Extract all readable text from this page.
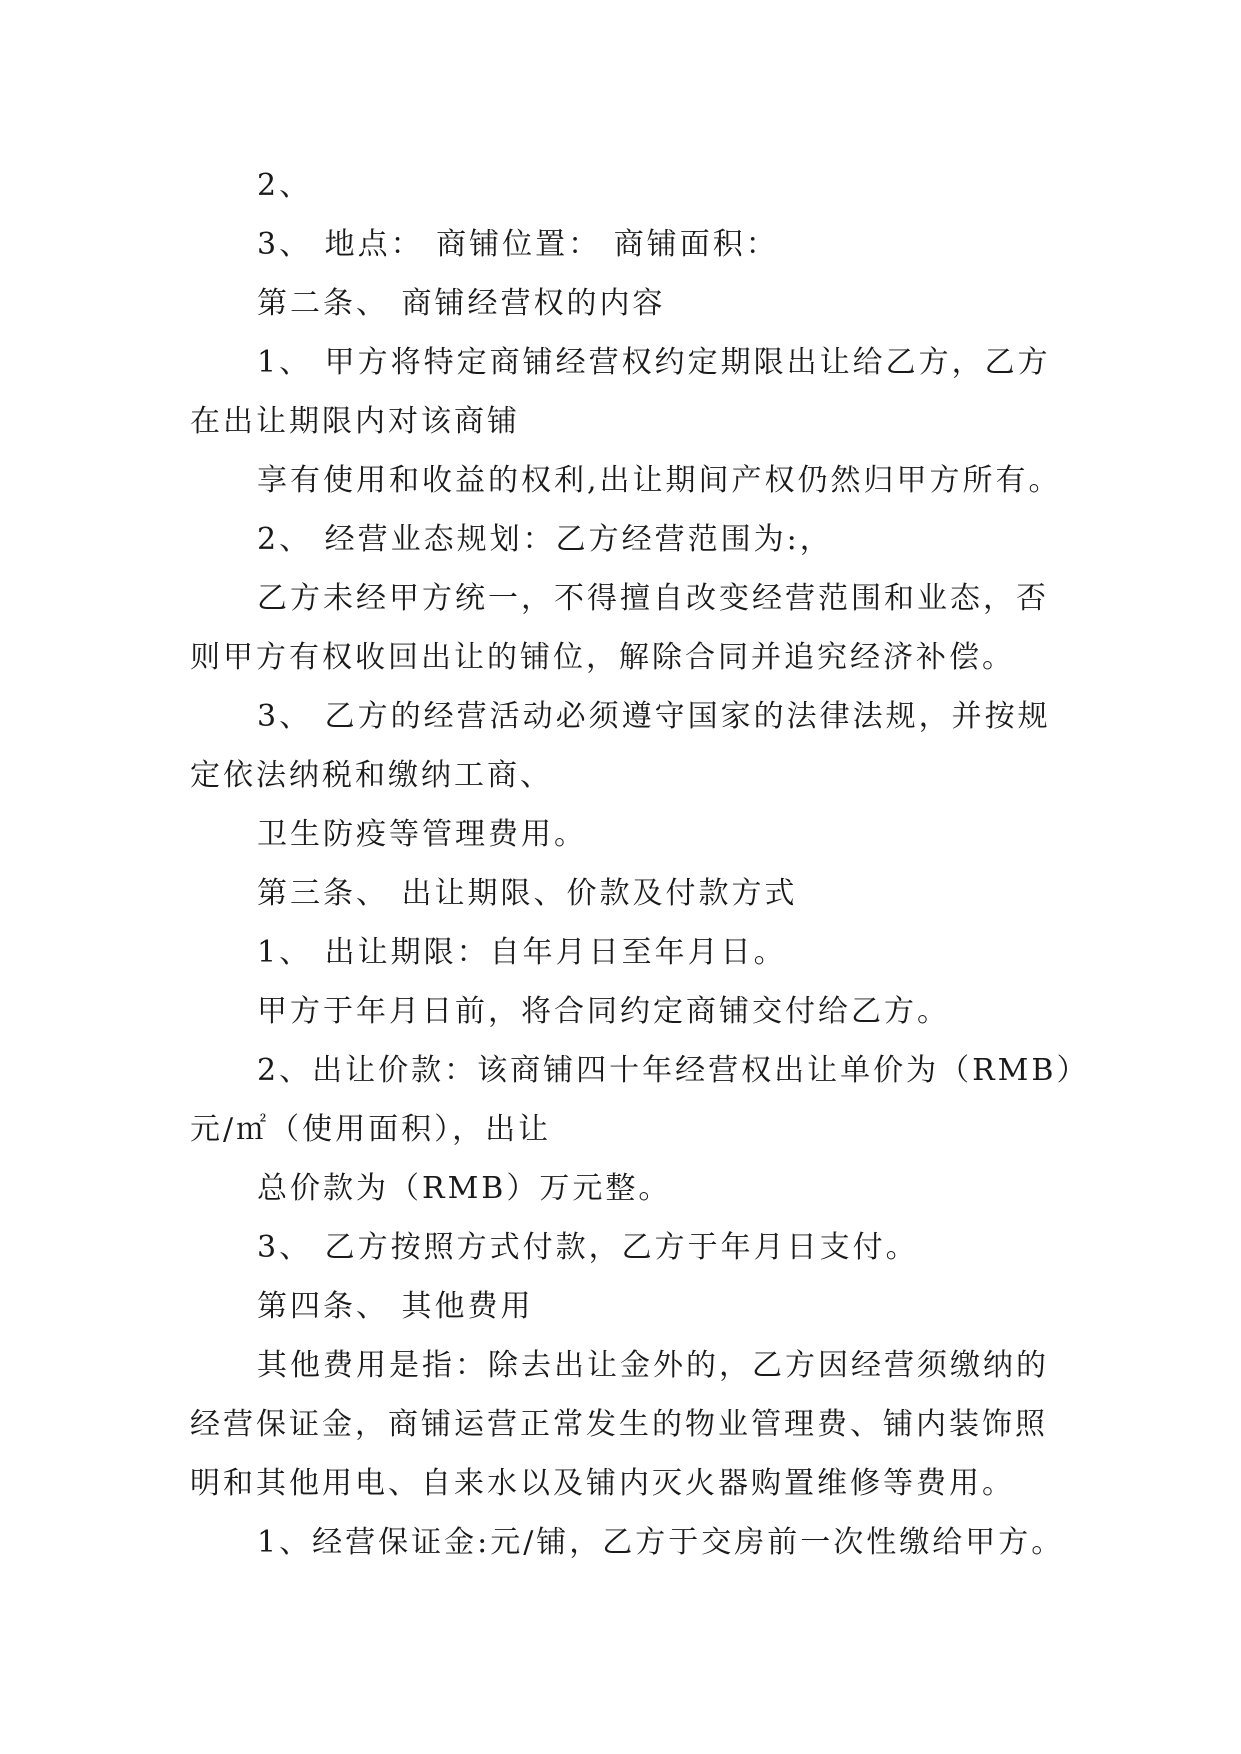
2、
3、 地点： 商铺位置： 商铺面积：
第二条、 商铺经营权的内容
1、 甲方将特定商铺经营权约定期限出让给乙方，乙方
在出让期限内对该商铺
享有使用和收益的权利,出让期间产权仍然归甲方所有。
2、 经营业态规划：乙方经营范围为:，
乙方未经甲方统一，不得擅自改变经营范围和业态，否
则甲方有权收回出让的铺位，解除合同并追究经济补偿。
3、 乙方的经营活动必须遵守国家的法律法规，并按规
定依法纳税和缴纳工商、
卫生防疫等管理费用。
第三条、 出让期限、价款及付款方式
1、 出让期限：自年月日至年月日。
甲方于年月日前，将合同约定商铺交付给乙方。
2、出让价款：该商铺四十年经营权出让单价为（RMB）
元/㎡（使用面积），出让
总价款为（RMB）万元整。
3、 乙方按照方式付款，乙方于年月日支付。
第四条、 其他费用
其他费用是指：除去出让金外的，乙方因经营须缴纳的
经营保证金，商铺运营正常发生的物业管理费、铺内装饰照
明和其他用电、自来水以及铺内灭火器购置维修等费用。
1、经营保证金:元/铺，乙方于交房前一次性缴给甲方。
